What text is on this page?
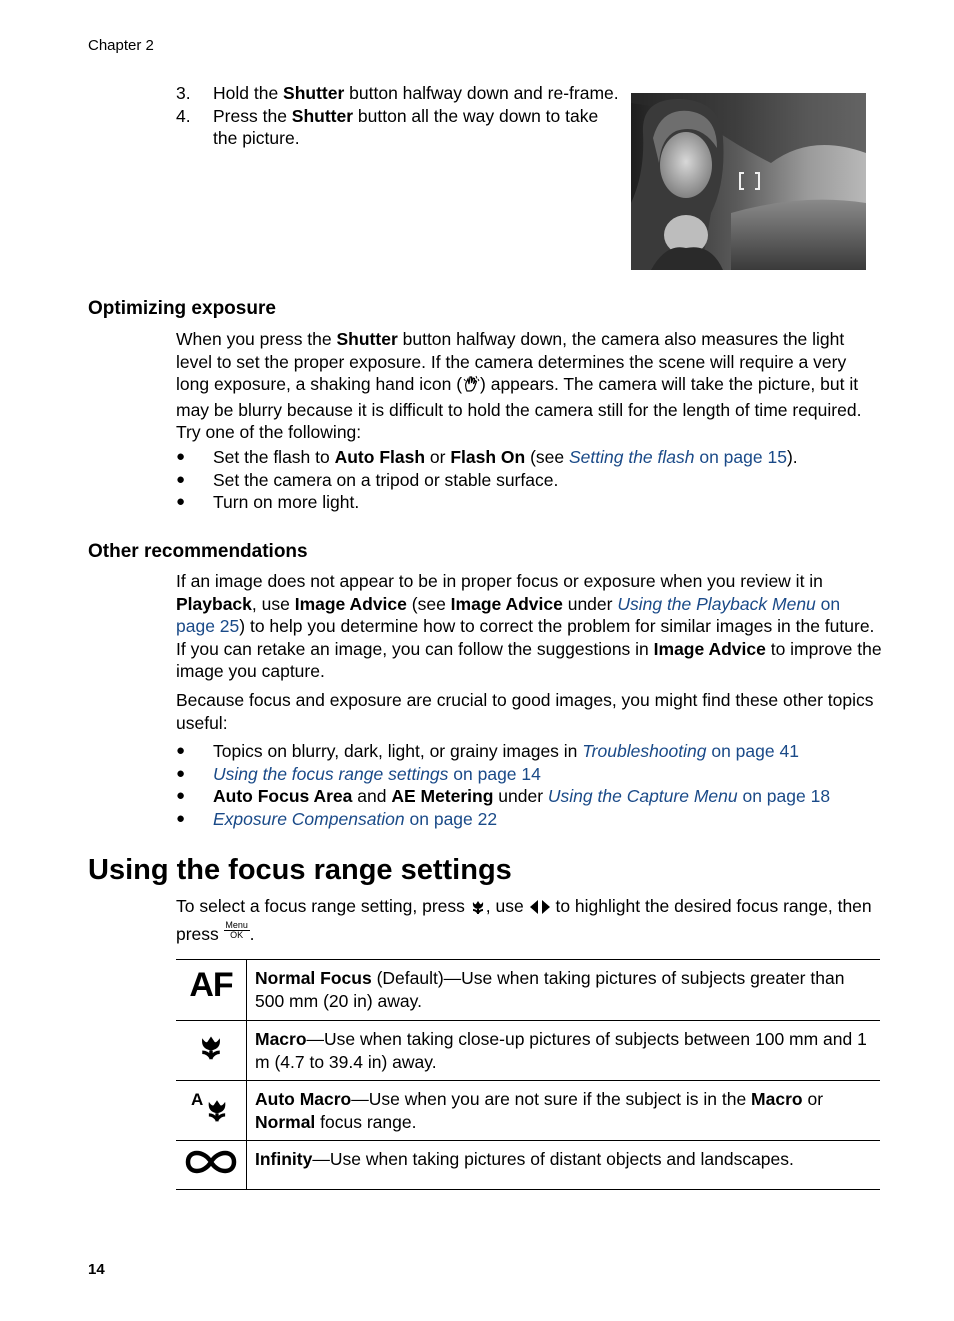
Chapter 2
3. Hold the Shutter button halfway down and re-frame.
4. Press the Shutter button all the way down to take the picture.
Optimizing exposure

When you press the Shutter button halfway down, the camera also measures the light level to set the proper exposure. If the camera determines the scene will require a very long exposure, a shaking hand icon ( ) appears. The camera will take the picture, but it may be blurry because it is difficult to hold the camera still for the length of time required. Try one of the following:

● Set the flash to Auto Flash or Flash On (see Setting the flash on page 15).
● Set the camera on a tripod or stable surface.
● Turn on more light.
Other recommendations

If an image does not appear to be in proper focus or exposure when you review it in Playback, use Image Advice (see Image Advice under Using the Playback Menu on page 25) to help you determine how to correct the problem for similar images in the future. If you can retake an image, you can follow the suggestions in Image Advice to improve the image you capture.

Because focus and exposure are crucial to good images, you might find these other topics useful:

● Topics on blurry, dark, light, or grainy images in Troubleshooting on page 41
● Using the focus range settings on page 14
● Auto Focus Area and AE Metering under Using the Capture Menu on page 18
● Exposure Compensation on page 22
Using the focus range settings

To select a focus range setting, press , use  to highlight the desired focus range, then press Menu
OK .

AF	Normal Focus (Default)—Use when taking pictures of subjects greater than 500 mm (20 in) away.
	Macro—Use when taking close-up pictures of subjects between 100 mm and 1 m (4.7 to 39.4 in) away.

A	Auto Macro—Use when you are not sure if the subject is in the Macro or Normal focus range.
	Infinity—Use when taking pictures of distant objects and landscapes.
14
